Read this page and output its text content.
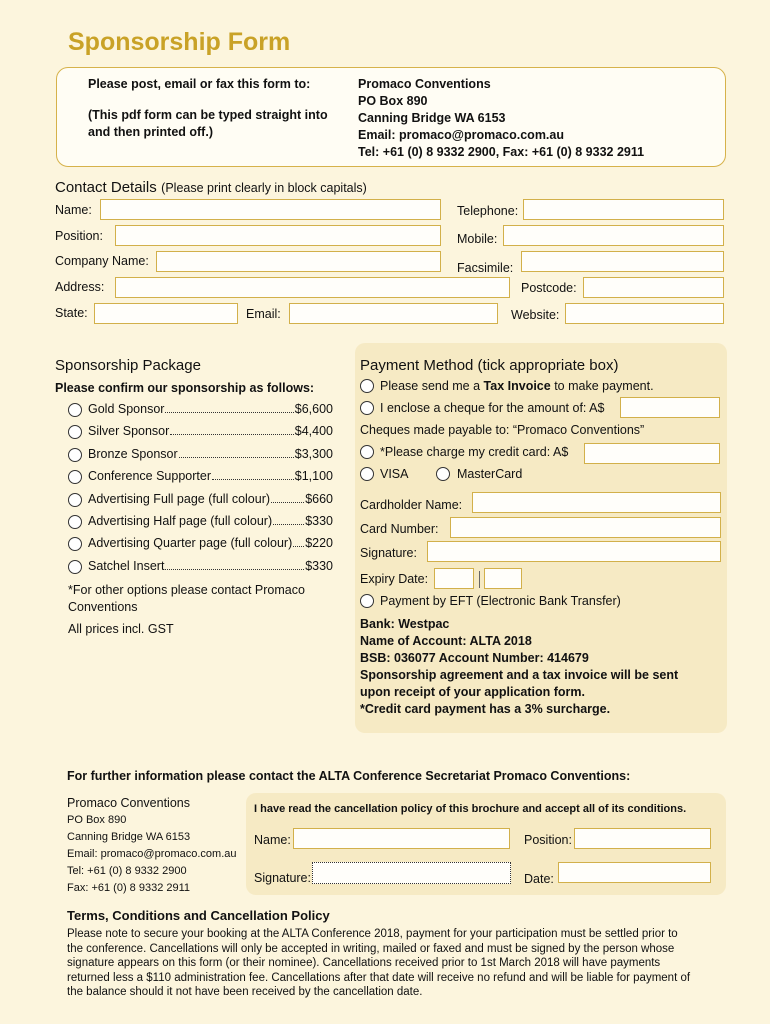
Sponsorship Form
Please post, email or fax this form to:
(This pdf form can be typed straight into
and then printed off.)
Promaco Conventions
PO Box 890
Canning Bridge WA 6153
Email: promaco@promaco.com.au
Tel: +61 (0) 8 9332 2900, Fax: +61 (0) 8 9332 2911
Contact Details (Please print clearly in block capitals)
Name:	Telephone:
Position:	Mobile:
Company Name:	Facsimile:
Address:	Postcode:
State:	Email:	Website:
Sponsorship Package
Please confirm our sponsorship as follows:
Gold Sponsor	$6,600
Silver Sponsor	$4,400
Bronze Sponsor	$3,300
Conference Supporter	$1,100
Advertising Full page (full colour)	$660
Advertising Half page (full colour)	$330
Advertising Quarter page (full colour) $220
Satchel Insert	$330
*For other options please contact Promaco
Conventions
All prices incl. GST
Payment Method (tick appropriate box)
Please send me a Tax Invoice to make payment.
I enclose a cheque for the amount of: A$
Cheques made payable to: “Promaco Conventions”
*Please charge my credit card: A$
VISA	MasterCard
Cardholder Name:
Card Number:
Signature:
Expiry Date:
Payment by EFT (Electronic Bank Transfer)
Bank: Westpac
Name of Account: ALTA 2018
BSB: 036077 Account Number: 414679
Sponsorship agreement and a tax invoice will be sent
upon receipt of your application form.
*Credit card payment has a 3% surcharge.
For further information please contact the ALTA Conference Secretariat Promaco Conventions:
Promaco Conventions
PO Box 890
Canning Bridge WA 6153
Email: promaco@promaco.com.au
Tel: +61 (0) 8 9332 2900
Fax: +61 (0) 8 9332 2911
I have read the cancellation policy of this brochure and accept all of its conditions.
Name:	Position:
Signature:	Date:
Terms, Conditions and Cancellation Policy
Please note to secure your booking at the ALTA Conference 2018, payment for your participation must be settled prior to
the conference. Cancellations will only be accepted in writing, mailed or faxed and must be signed by the person whose
signature appears on this form (or their nominee). Cancellations received prior to 1st March 2018 will have payments
returned less a $110 administration fee. Cancellations after that date will receive no refund and will be liable for payment of
the balance should it not have been received by the cancellation date.
